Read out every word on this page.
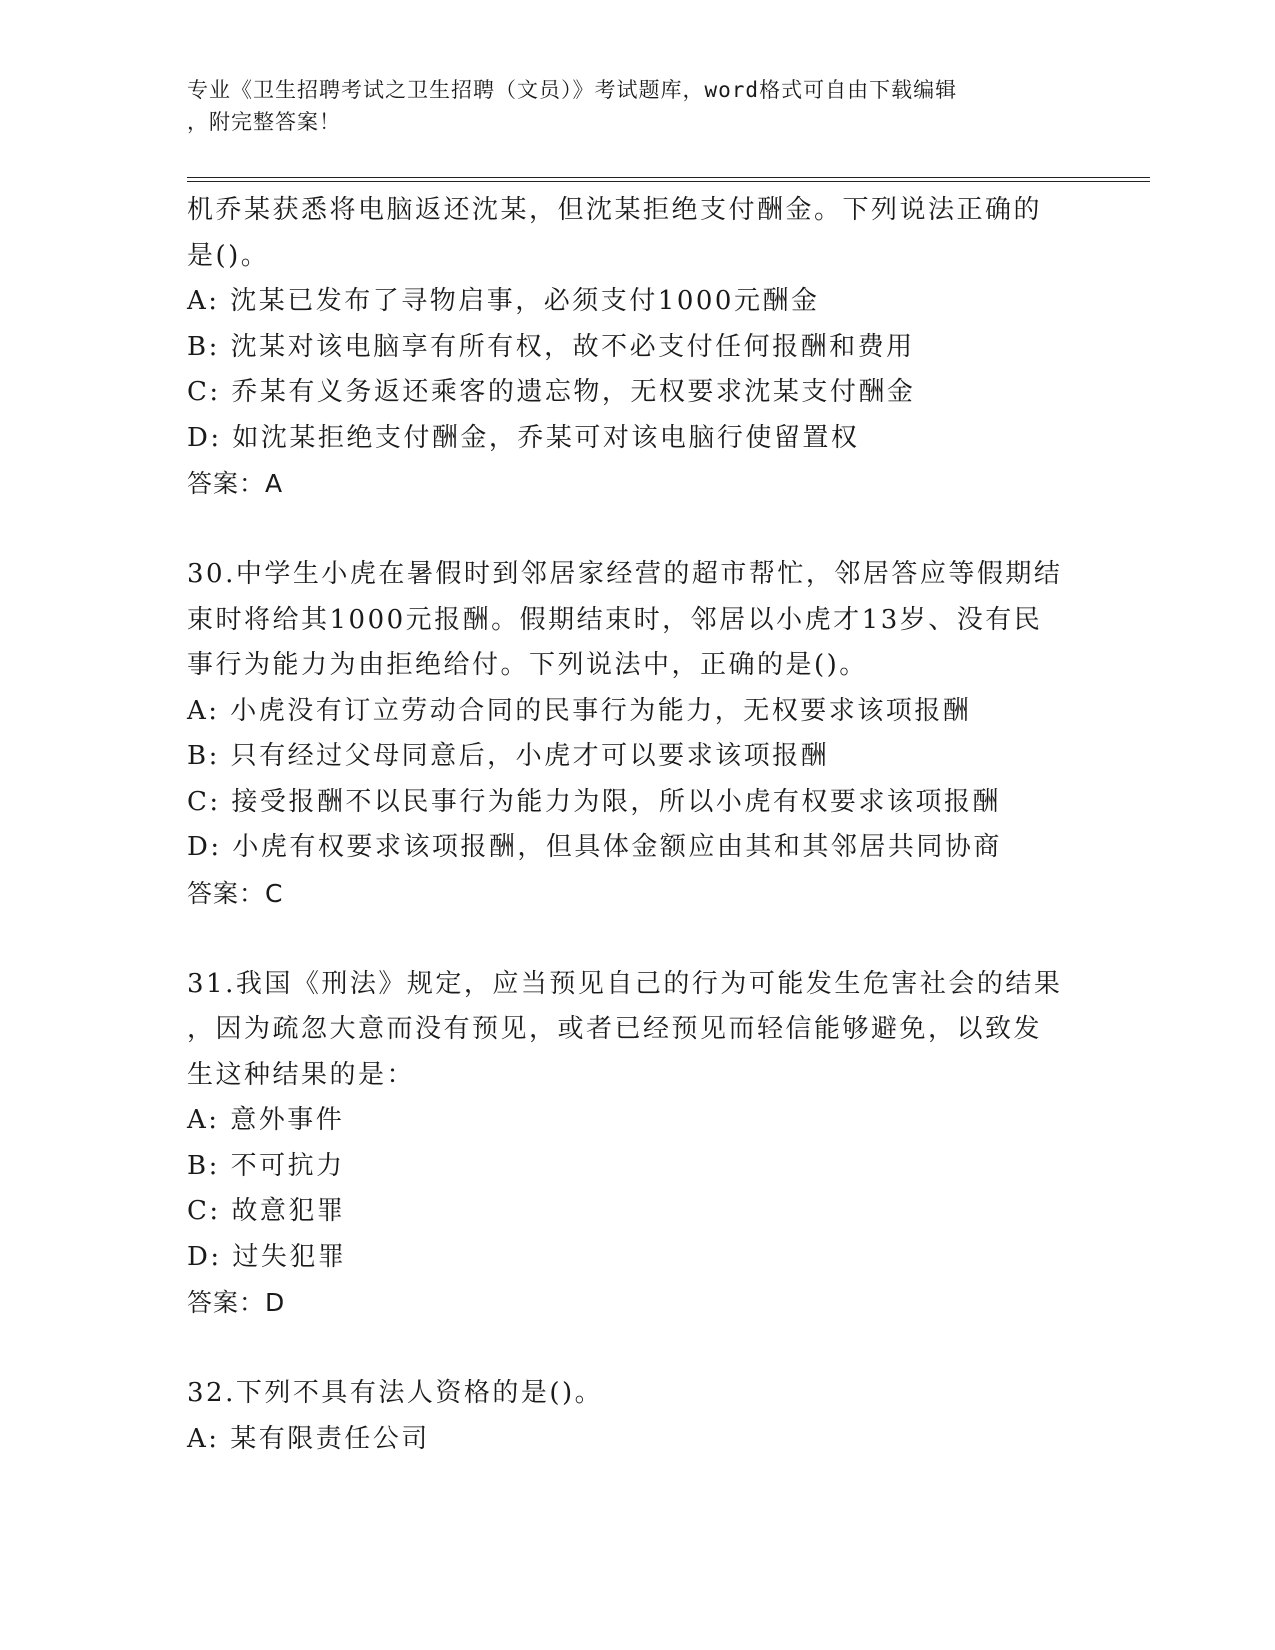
专业《卫生招聘考试之卫生招聘（文员）》考试题库，word格式可自由下载编辑
，附完整答案！
机乔某获悉将电脑返还沈某，但沈某拒绝支付酬金。下列说法正确的
是()。
A: 沈某已发布了寻物启事，必须支付1000元酬金
B: 沈某对该电脑享有所有权，故不必支付任何报酬和费用
C: 乔某有义务返还乘客的遗忘物，无权要求沈某支付酬金
D: 如沈某拒绝支付酬金，乔某可对该电脑行使留置权
答案：A
30.中学生小虎在暑假时到邻居家经营的超市帮忙，邻居答应等假期结
束时将给其1000元报酬。假期结束时，邻居以小虎才13岁、没有民
事行为能力为由拒绝给付。下列说法中，正确的是()。
A: 小虎没有订立劳动合同的民事行为能力，无权要求该项报酬
B: 只有经过父母同意后，小虎才可以要求该项报酬
C: 接受报酬不以民事行为能力为限，所以小虎有权要求该项报酬
D: 小虎有权要求该项报酬，但具体金额应由其和其邻居共同协商
答案：C
31.我国《刑法》规定，应当预见自己的行为可能发生危害社会的结果
，因为疏忽大意而没有预见，或者已经预见而轻信能够避免，以致发
生这种结果的是：
A: 意外事件
B: 不可抗力
C: 故意犯罪
D: 过失犯罪
答案：D
32.下列不具有法人资格的是()。
A: 某有限责任公司
